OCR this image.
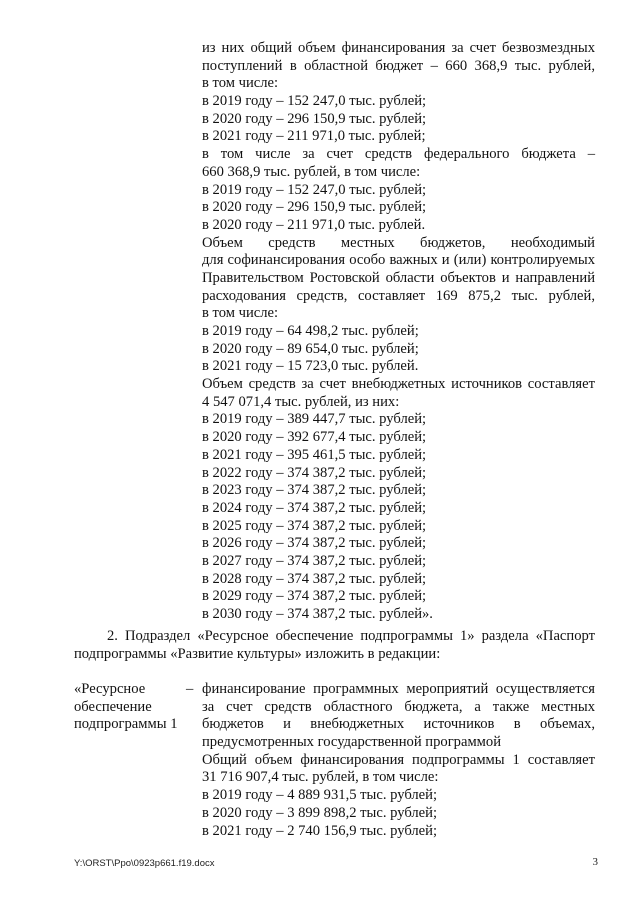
из них общий объем финансирования за счет безвозмездных
поступлений в областной бюджет – 660 368,9 тыс. рублей,
в том числе:
в 2019 году – 152 247,0 тыс. рублей;
в 2020 году – 296 150,9 тыс. рублей;
в 2021 году – 211 971,0 тыс. рублей;
в том числе за счет средств федерального бюджета –
660 368,9 тыс. рублей, в том числе:
в 2019 году – 152 247,0 тыс. рублей;
в 2020 году – 296 150,9 тыс. рублей;
в 2020 году – 211 971,0 тыс. рублей.
Объем средств местных бюджетов, необходимый
для софинансирования особо важных и (или) контролируемых
Правительством Ростовской области объектов и направлений
расходования средств, составляет 169 875,2 тыс. рублей,
в том числе:
в 2019 году – 64 498,2 тыс. рублей;
в 2020 году – 89 654,0 тыс. рублей;
в 2021 году – 15 723,0 тыс. рублей.
Объем средств за счет внебюджетных источников составляет
4 547 071,4 тыс. рублей, из них:
в 2019 году – 389 447,7 тыс. рублей;
в 2020 году – 392 677,4 тыс. рублей;
в 2021 году – 395 461,5 тыс. рублей;
в 2022 году – 374 387,2 тыс. рублей;
в 2023 году – 374 387,2 тыс. рублей;
в 2024 году – 374 387,2 тыс. рублей;
в 2025 году – 374 387,2 тыс. рублей;
в 2026 году – 374 387,2 тыс. рублей;
в 2027 году – 374 387,2 тыс. рублей;
в 2028 году – 374 387,2 тыс. рублей;
в 2029 году – 374 387,2 тыс. рублей;
в 2030 году – 374 387,2 тыс. рублей».
2. Подраздел «Ресурсное обеспечение подпрограммы 1» раздела «Паспорт
подпрограммы «Развитие культуры» изложить в редакции:
«Ресурсное
обеспечение
подпрограммы 1
– финансирование программных мероприятий осуществляется
за счет средств областного бюджета, а также местных
бюджетов и внебюджетных источников в объемах,
предусмотренных государственной программой
Общий объем финансирования подпрограммы 1 составляет
31 716 907,4 тыс. рублей, в том числе:
в 2019 году – 4 889 931,5 тыс. рублей;
в 2020 году – 3 899 898,2 тыс. рублей;
в 2021 году – 2 740 156,9 тыс. рублей;
Y:\ORST\Ppo\0923p661.f19.docx	3
